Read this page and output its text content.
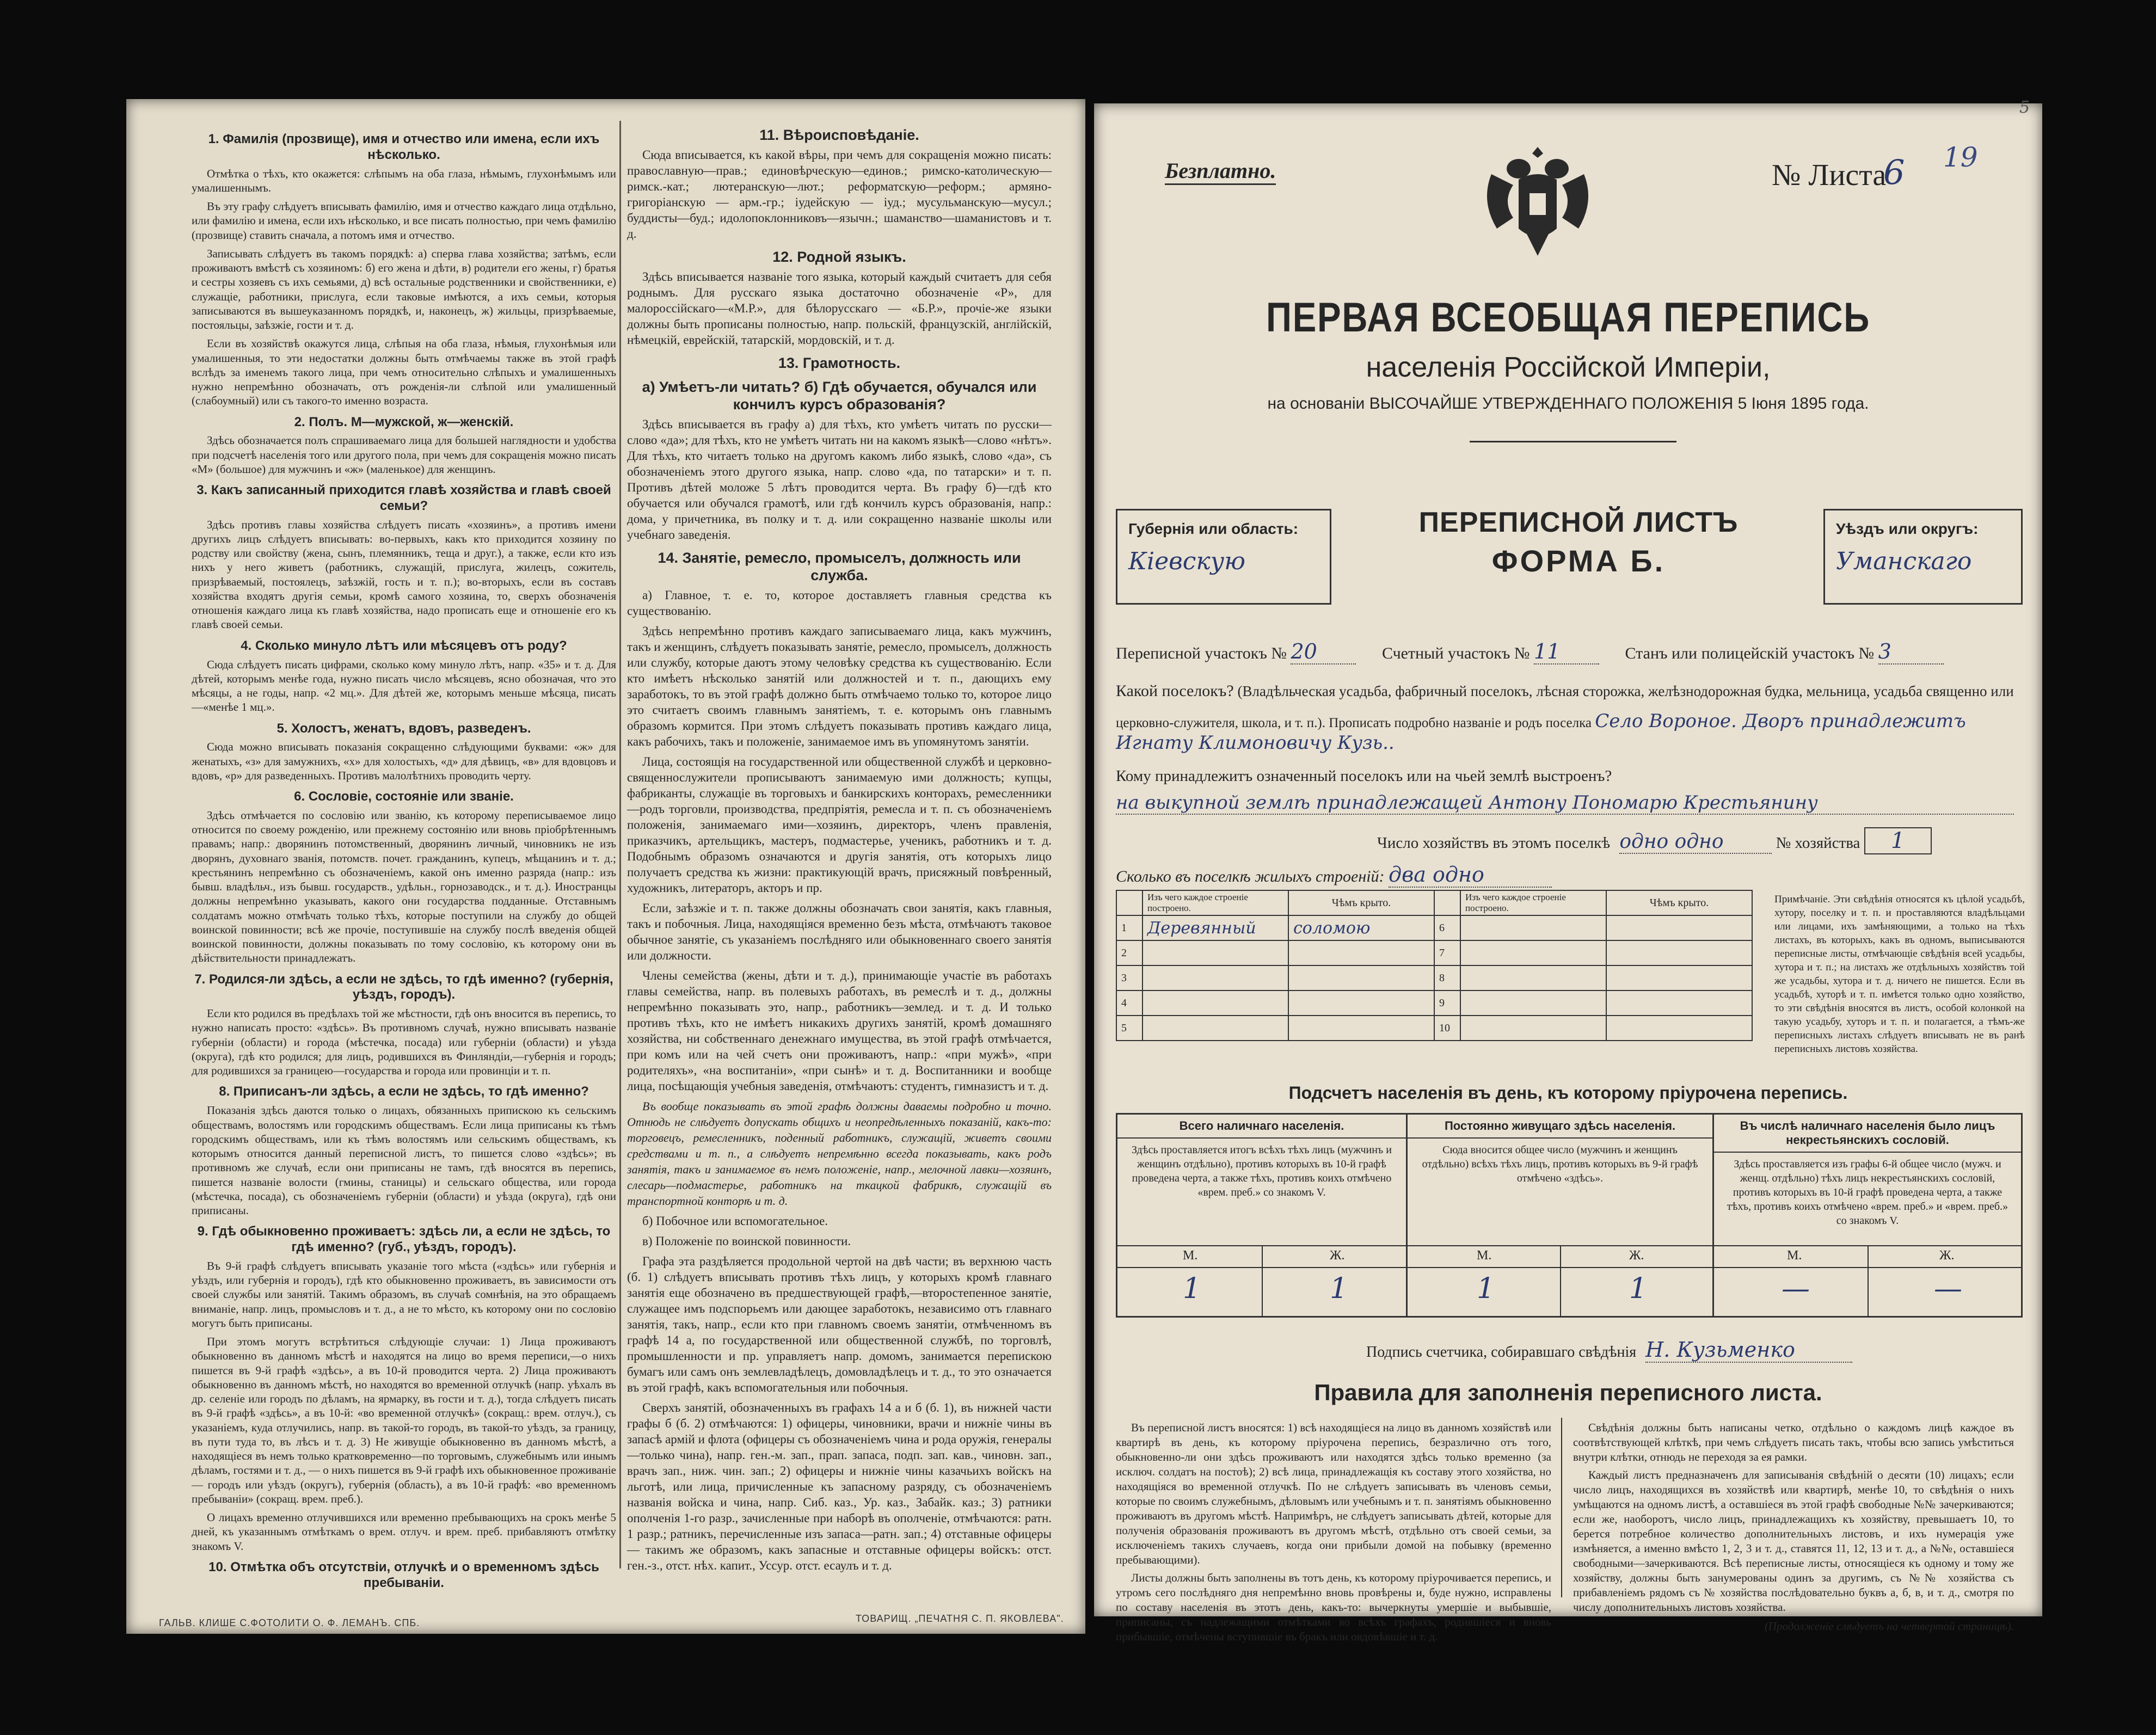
1. Фамилія (прозвище), имя и отчество или имена, если ихъ нѣсколько.

Отмѣтка о тѣхъ, кто окажется: слѣпымъ на оба глаза, нѣмымъ, глухонѣмымъ или умалишеннымъ.

Въ эту графу слѣдуетъ вписывать фамилію, имя и отчество каждаго лица отдѣльно, или фамилію и имена, если ихъ нѣсколько, и все писать полностью, при чемъ фамилію (прозвище) ставить сначала, а потомъ имя и отчество.

Записывать слѣдуетъ въ такомъ порядкѣ: а) сперва глава хозяйства; затѣмъ, если проживаютъ вмѣстѣ съ хозяиномъ: б) его жена и дѣти, в) родители его жены, г) братья и сестры хозяевъ съ ихъ семьями, д) всѣ остальные родственники и свойственники, е) служащіе, работники, прислуга, если таковые имѣются, а ихъ семьи, которыя записываются въ вышеуказанномъ порядкѣ, и, наконецъ, ж) жильцы, призрѣваемые, постояльцы, заѣзжіе, гости и т. д.

Если въ хозяйствѣ окажутся лица, слѣпыя на оба глаза, нѣмыя, глухонѣмыя или умалишенныя, то эти недостатки должны быть отмѣчаемы также въ этой графѣ вслѣдъ за именемъ такого лица, при чемъ относительно слѣпыхъ и умалишенныхъ нужно непремѣнно обозначать, отъ рожденія-ли слѣпой или умалишенный (слабоумный) или съ такого-то именно возраста.

2. Полъ. М—мужской, ж—женскій.

Здѣсь обозначается полъ спрашиваемаго лица для большей наглядности и удобства при подсчетѣ населенія того или другого пола, при чемъ для сокращенія можно писать «М» (большое) для мужчинъ и «ж» (маленькое) для женщинъ.

3. Какъ записанный приходится главѣ хозяйства и главѣ своей семьи?

Здѣсь противъ главы хозяйства слѣдуетъ писать «хозяинъ», а противъ имени другихъ лицъ слѣдуетъ вписывать: во-первыхъ, какъ кто приходится хозяину по родству или свойству (жена, сынъ, племянникъ, теща и друг.), а также, если кто изъ нихъ у него живетъ (работникъ, служащій, прислуга, жилецъ, сожитель, призрѣваемый, постоялецъ, заѣзжій, гость и т. п.); во-вторыхъ, если въ составъ хозяйства входятъ другія семьи, кромѣ самого хозяина, то, сверхъ обозначенія отношенія каждаго лица къ главѣ хозяйства, надо прописать еще и отношеніе его къ главѣ своей семьи.

4. Сколько минуло лѣтъ или мѣсяцевъ отъ роду?

Сюда слѣдуетъ писать цифрами, сколько кому минуло лѣтъ, напр. «35» и т. д. Для дѣтей, которымъ менѣе года, нужно писать число мѣсяцевъ, ясно обозначая, что это мѣсяцы, а не годы, напр. «2 мц.». Для дѣтей же, которымъ меньше мѣсяца, писать—«менѣе 1 мц.».

5. Холостъ, женатъ, вдовъ, разведенъ.

Сюда можно вписывать показанія сокращенно слѣдующими буквами: «ж» для женатыхъ, «з» для замужнихъ, «х» для холостыхъ, «д» для дѣвицъ, «в» для вдовцовъ и вдовъ, «р» для разведенныхъ. Противъ малолѣтнихъ проводить черту.

6. Сословіе, состояніе или званіе.

Здѣсь отмѣчается по сословію или званію, къ которому переписываемое лицо относится по своему рожденію, или прежнему состоянію или вновь пріобрѣтеннымъ правамъ; напр.: дворянинъ потомственный, дворянинъ личный, чиновникъ не изъ дворянъ, духовнаго званія, потомств. почет. гражданинъ, купецъ, мѣщанинъ и т. д.; крестьянинъ непремѣнно съ обозначеніемъ, какой онъ именно разряда (напр.: изъ бывш. владѣльч., изъ бывш. государств., удѣльн., горнозаводск., и т. д.). Иностранцы должны непремѣнно указывать, какого они государства подданные. Отставнымъ солдатамъ можно отмѣчать только тѣхъ, которые поступили на службу до общей воинской повинности; всѣ же прочіе, поступившіе на службу послѣ введенія общей воинской повинности, должны показывать по тому сословію, къ которому они въ дѣйствительности принадлежатъ.

7. Родился-ли здѣсь, а если не здѣсь, то гдѣ именно? (губернія, уѣздъ, городъ).

Если кто родился въ предѣлахъ той же мѣстности, гдѣ онъ вносится въ перепись, то нужно написать просто: «здѣсь». Въ противномъ случаѣ, нужно вписывать названіе губерніи (области) и города (мѣстечка, посада) или губерніи (области) и уѣзда (округа), гдѣ кто родился; для лицъ, родившихся въ Финляндіи,—губернія и городъ; для родившихся за границею—государства и города или провинціи и т. п.

8. Приписанъ-ли здѣсь, а если не здѣсь, то гдѣ именно?

Показанія здѣсь даются только о лицахъ, обязанныхъ припискою къ сельскимъ обществамъ, волостямъ или городскимъ обществамъ. Если лица приписаны къ тѣмъ городскимъ обществамъ, или къ тѣмъ волостямъ или сельскимъ обществамъ, къ которымъ относится данный переписной листъ, то пишется слово «здѣсь»; въ противномъ же случаѣ, если они приписаны не тамъ, гдѣ вносятся въ перепись, пишется названіе волости (гмины, станицы) и сельскаго общества, или города (мѣстечка, посада), съ обозначеніемъ губерніи (области) и уѣзда (округа), гдѣ они приписаны.

9. Гдѣ обыкновенно проживаетъ: здѣсь ли, а если не здѣсь, то гдѣ именно? (губ., уѣздъ, городъ).

Въ 9-й графѣ слѣдуетъ вписывать указаніе того мѣста («здѣсь» или губернія и уѣздъ, или губернія и городъ), гдѣ кто обыкновенно проживаетъ, въ зависимости отъ своей службы или занятій. Такимъ образомъ, въ случаѣ сомнѣнія, на это обращаемъ вниманіе, напр. лицъ, промысловъ и т. д., а не то мѣсто, къ которому они по сословію могутъ быть приписаны.

При этомъ могутъ встрѣтиться слѣдующіе случаи: 1) Лица проживаютъ обыкновенно въ данномъ мѣстѣ и находятся на лицо во время переписи,—о нихъ пишется въ 9-й графѣ «здѣсь», а въ 10-й проводится черта. 2) Лица проживаютъ обыкновенно въ данномъ мѣстѣ, но находятся во временной отлучкѣ (напр. уѣхалъ въ др. селеніе или городъ по дѣламъ, на ярмарку, въ гости и т. д.), тогда слѣдуетъ писать въ 9-й графѣ «здѣсь», а въ 10-й: «во временной отлучкѣ» (сокращ.: врем. отлуч.), съ указаніемъ, куда отлучились, напр. въ такой-то городъ, въ такой-то уѣздъ, за границу, въ пути туда то, въ лѣсъ и т. д. 3) Не живущіе обыкновенно въ данномъ мѣстѣ, а находящіеся въ немъ только кратковременно—по торговымъ, служебнымъ или инымъ дѣламъ, гостями и т. д., — о нихъ пишется въ 9-й графѣ ихъ обыкновенное проживаніе — городъ или уѣздъ (округъ), губернія (область), а въ 10-й графѣ: «во временномъ пребываніи» (сокращ. врем. преб.).

О лицахъ временно отлучившихся или временно пребывающихъ на срокъ менѣе 5 дней, къ указаннымъ отмѣткамъ о врем. отлуч. и врем. преб. прибавляютъ отмѣтку знакомъ V.

10. Отмѣтка объ отсутствіи, отлучкѣ и о временномъ здѣсь пребываніи.
11. Вѣроисповѣданіе.

Сюда вписывается, къ какой вѣры, при чемъ для сокращенія можно писать: православную—прав.; единовѣрческую—единов.; римско-католическую—римск.-кат.; лютеранскую—лют.; реформатскую—реформ.; армяно-григоріанскую — арм.-гр.; іудейскую — іуд.; мусульманскую—мусул.; буддисты—буд.; идолопоклонниковъ—язычн.; шаманство—шаманистовъ и т. д.

12. Родной языкъ.

Здѣсь вписывается названіе того языка, который каждый считаетъ для себя роднымъ. Для русскаго языка достаточно обозначеніе «Р», для малороссійскаго—«М.Р.», для бѣлорусскаго — «Б.Р.», прочіе-же языки должны быть прописаны полностью, напр. польскій, французскій, англійскій, нѣмецкій, еврейскій, татарскій, мордовскій, и т. д.

13. Грамотность.
а) Умѣетъ-ли читать? б) Гдѣ обучается, обучался или кончилъ курсъ образованія?

Здѣсь вписывается въ графу а) для тѣхъ, кто умѣетъ читать по русски—слово «да»; для тѣхъ, кто не умѣетъ читать ни на какомъ языкѣ—слово «нѣтъ». Для тѣхъ, кто читаетъ только на другомъ какомъ либо языкѣ, слово «да», съ обозначеніемъ этого другого языка, напр. слово «да, по татарски» и т. п. Противъ дѣтей моложе 5 лѣтъ проводится черта. Въ графу б)—гдѣ кто обучается или обучался грамотѣ, или гдѣ кончилъ курсъ образованія, напр.: дома, у причетника, въ полку и т. д. или сокращенно названіе школы или учебнаго заведенія.

14. Занятіе, ремесло, промыселъ, должность или служба.

а) Главное, т. е. то, которое доставляетъ главныя средства къ существованію.

Здѣсь непремѣнно противъ каждаго записываемаго лица, какъ мужчинъ, такъ и женщинъ, слѣдуетъ показывать занятіе, ремесло, промыселъ, должность или службу, которые даютъ этому человѣку средства къ существованію. Если кто имѣетъ нѣсколько занятій или должностей и т. п., дающихъ ему заработокъ, то въ этой графѣ должно быть отмѣчаемо только то, которое лицо это считаетъ своимъ главнымъ занятіемъ, т. е. которымъ онъ главнымъ образомъ кормится. При этомъ слѣдуетъ показывать противъ каждаго лица, какъ рабочихъ, такъ и положеніе, занимаемое имъ въ упомянутомъ занятіи.

Лица, состоящія на государственной или общественной службѣ и церковно-священнослужители прописываютъ занимаемую ими должность; купцы, фабриканты, служащіе въ торговыхъ и банкирскихъ конторахъ, ремесленники—родъ торговли, производства, предпріятія, ремесла и т. п. съ обозначеніемъ положенія, занимаемаго ими—хозяинъ, директоръ, членъ правленія, приказчикъ, артельщикъ, мастеръ, подмастерье, ученикъ, работникъ и т. д. Подобнымъ образомъ означаются и другія занятія, отъ которыхъ лицо получаетъ средства къ жизни: практикующій врачъ, присяжный повѣренный, художникъ, литераторъ, акторъ и пр.

Если, заѣзжіе и т. п. также должны обозначать свои занятія, какъ главныя, такъ и побочныя. Лица, находящіяся временно безъ мѣста, отмѣчаютъ таковое обычное занятіе, съ указаніемъ послѣдняго или обыкновеннаго своего занятія или должности.

Члены семейства (жены, дѣти и т. д.), принимающіе участіе въ работахъ главы семейства, напр. въ полевыхъ работахъ, въ ремеслѣ и т. д., должны непремѣнно показывать это, напр., работникъ—землед. и т. д. И только противъ тѣхъ, кто не имѣетъ никакихъ другихъ занятій, кромѣ домашняго хозяйства, ни собственнаго денежнаго имущества, въ этой графѣ отмѣчается, при комъ или на чей счетъ они проживаютъ, напр.: «при мужѣ», «при родителяхъ», «на воспитаніи», «при сынѣ» и т. д. Воспитанники и вообще лица, посѣщающія учебныя заведенія, отмѣчаютъ: студентъ, гимназистъ и т. д.

Въ вообще показывать въ этой графѣ должны даваемы подробно и точно. Отнюдь не слѣдуетъ допускать общихъ и неопредѣленныхъ показаній, какъ-то: торговецъ, ремесленникъ, поденный работникъ, служащій, живетъ своими средствами и т. п., а слѣдуетъ непремѣнно всегда показывать, какъ родъ занятія, такъ и занимаемое въ немъ положеніе, напр., мелочной лавки—хозяинъ, слесарь—подмастерье, работникъ на ткацкой фабрикѣ, служащій въ транспортной конторѣ и т. д.

б) Побочное или вспомогательное.

в) Положеніе по воинской повинности.

Графа эта раздѣляется продольной чертой на двѣ части; въ верхнюю часть (б. 1) слѣдуетъ вписывать противъ тѣхъ лицъ, у которыхъ кромѣ главнаго занятія еще обозначено въ предшествующей графѣ,—второстепенное занятіе, служащее имъ подспорьемъ или дающее заработокъ, независимо отъ главнаго занятія, такъ, напр., если кто при главномъ своемъ занятіи, отмѣченномъ въ графѣ 14 а, по государственной или общественной службѣ, по торговлѣ, промышленности и пр. управляетъ напр. домомъ, занимается перепискою бумагъ или самъ онъ землевладѣлецъ, домовладѣлецъ и т. д., то это означается въ этой графѣ, какъ вспомогательныя или побочныя.

Сверхъ занятій, обозначенныхъ въ графахъ 14 а и б (б. 1), въ нижней части графы б (б. 2) отмѣчаются: 1) офицеры, чиновники, врачи и нижніе чины въ запасѣ армій и флота (офицеры съ обозначеніемъ чина и рода оружія, генералы—только чина), напр. ген.-м. зап., прап. запаса, подп. зап. кав., чиновн. зап., врачъ зап., ниж. чин. зап.; 2) офицеры и нижніе чины казачьихъ войскъ на льготѣ, или лица, причисленные къ запасному разряду, съ обозначеніемъ названія войска и чина, напр. Сиб. каз., Ур. каз., Забайк. каз.; 3) ратники ополченія 1-го разр., зачисленные при наборѣ въ ополченіе, отмѣчаются: ратн. 1 разр.; ратникъ, перечисленные изъ запаса—ратн. зап.; 4) отставные офицеры — такимъ же образомъ, какъ запасные и отставные офицеры войскъ: отст. ген.-з., отст. нѣх. капит., Уссур. отст. есаулъ и т. д.

ГАЛЬВ. КЛИШЕ С.ФОТОЛИТИ О. Ф. ЛЕМАНЪ. СПБ.	ТОВАРИЩ. „ПЕЧАТНЯ С. П. ЯКОВЛЕВА".
Безплатно.	№ Листа
6 19
5
ПЕРВАЯ ВСЕОБЩАЯ ПЕРЕПИСЬ
населенія Россійской Имперіи,
на основаніи ВЫСОЧАЙШЕ УТВЕРЖДЕННАГО ПОЛОЖЕНІЯ 5 Іюня 1895 года.
Губернія или область:
Кіевскую
ПЕРЕПИСНОЙ ЛИСТЪ
ФОРМА Б.
Уѣздъ или округъ:
Уманскаго
Переписной участокъ № 20	Счетный участокъ № 11	Станъ или полицейскій участокъ № 3
Какой поселокъ? (Владѣльческая усадьба, фабричный поселокъ, лѣсная сторожка, желѣзнодорожная будка, мельница, усадьба священно или
церковно-служителя, школа, и т. п.). Прописать подробно названіе и родъ поселка Село Вороное. Дворъ принадлежитъ Игнату Климоновичу Кузь..
Кому принадлежитъ означенный поселокъ или на чьей землѣ выстроенъ?
на выкупной землѣ принадлежащей Антону Пономарю Крестьянину
Число хозяйствъ въ этомъ поселкѣ одно одно	№ хозяйства 1
Сколько въ поселкѣ жилыхъ строеній: два одно
	Изъ чего каждое строеніе построено.	Чѣмъ крыто.		Изъ чего каждое строеніе построено.	Чѣмъ крыто.
1	Деревянный	соломою	6		
2			7		
3			8		
4			9		
5			10		
Примѣчаніе. Эти свѣдѣнія относятся къ цѣлой усадьбѣ, хутору, поселку и т. п. и проставляются владѣльцами или лицами, ихъ замѣняющими, а только на тѣхъ листахъ, въ которыхъ, какъ въ одномъ, выписываются переписные листы, отмѣчающіе свѣдѣнія всей усадьбы, хутора и т. п.; на листахъ же отдѣльныхъ хозяйствъ той же усадьбы, хутора и т. д. ничего не пишется. Если въ усадьбѣ, хуторѣ и т. п. имѣется только одно хозяйство, то эти свѣдѣнія вносятся въ листъ, особой колонкой на такую усадьбу, хуторъ и т. п. и полагается, а тѣмъ-же переписныхъ листахъ слѣдуетъ вписывать не въ ранѣ переписныхъ листовъ хозяйства.
Подсчетъ населенія въ день, къ которому пріурочена перепись.
Всего наличнаго населенія.
Здѣсь проставляется итогъ всѣхъ тѣхъ лицъ (мужчинъ и женщинъ отдѣльно), противъ которыхъ въ 10-й графѣ проведена черта, а также тѣхъ, противъ коихъ отмѣчено «врем. преб.» со знакомъ V.
Постоянно живущаго здѣсь населенія.
Сюда вносится общее число (мужчинъ и женщинъ отдѣльно) всѣхъ тѣхъ лицъ, противъ которыхъ въ 9-й графѣ отмѣчено «здѣсь».
Въ числѣ наличнаго населенія было лицъ некрестьянскихъ сословій.
Здѣсь проставляется изъ графы 6-й общее число (мужч. и женщ. отдѣльно) тѣхъ лицъ некрестьянскихъ сословій, противъ которыхъ въ 10-й графѣ проведена черта, а также тѣхъ, противъ коихъ отмѣчено «врем. преб.» и «врем. преб.» со знакомъ V.
М.	Ж.	М.	Ж.	М.	Ж.
1	1	1	1	—	—
Подпись счетчика, собиравшаго свѣдѣнія Н. Кузьменко
Правила для заполненія переписного листа.

Въ переписной листъ вносятся: 1) всѣ находящіеся на лицо въ данномъ хозяйствѣ или квартирѣ въ день, къ которому пріурочена перепись, безразлично отъ того, обыкновенно-ли они здѣсь проживаютъ или находятся здѣсь только временно (за исключ. солдатъ на постоѣ); 2) всѣ лица, принадлежащія къ составу этого хозяйства, но находящіяся во временной отлучкѣ. По не слѣдуетъ записывать въ членовъ семьи, которые по своимъ служебнымъ, дѣловымъ или учебнымъ и т. п. занятіямъ обыкновенно проживаютъ въ другомъ мѣстѣ. Напримѣръ, не слѣдуетъ записывать дѣтей, которые для полученія образованія проживаютъ въ другомъ мѣстѣ, отдѣльно отъ своей семьи, за исключеніемъ такихъ случаевъ, когда они прибыли домой на побывку (временно пребывающими).

Листы должны быть заполнены въ тотъ день, къ которому пріурочивается перепись, и утромъ сего послѣдняго дня непремѣнно вновь провѣрены и, буде нужно, исправлены по составу населенія въ этотъ день, какъ-то: вычеркнуты умершіе и выбывшіе, приписаны, съ надлежащими отмѣтками во всѣхъ графахъ, родившіеся и вновь прибывшіе, отмѣчены вступившіе въ бракъ или овдовѣвшіе и т. д.

Свѣдѣнія должны быть написаны четко, отдѣльно о каждомъ лицѣ каждое въ соотвѣтствующей клѣткѣ, при чемъ слѣдуетъ писать такъ, чтобы всю запись умѣститься внутри клѣтки, отнюдь не переходя за ея рамки.

Каждый листъ предназначенъ для записыванія свѣдѣній о десяти (10) лицахъ; если число лицъ, находящихся въ хозяйствѣ или квартирѣ, менѣе 10, то свѣдѣнія о нихъ умѣщаются на одномъ листѣ, а оставшіеся въ этой графѣ свободные №№ зачеркиваются; если же, наоборотъ, число лицъ, принадлежащихъ къ хозяйству, превышаетъ 10, то берется потребное количество дополнительныхъ листовъ, и ихъ нумерація уже измѣняется, а именно вмѣсто 1, 2, 3 и т. д., ставятся 11, 12, 13 и т. д., а №№, оставшіеся свободными—зачеркиваются. Всѣ переписные листы, относящіеся къ одному и тому же хозяйству, должны быть занумерованы одинъ за другимъ, съ №№ хозяйства съ прибавленіемъ рядомъ съ № хозяйства послѣдовательно буквъ а, б, в, и т. д., смотря по числу дополнительныхъ листовъ хозяйства.

(Продолженіе слѣдуетъ на четвертой страницѣ).
